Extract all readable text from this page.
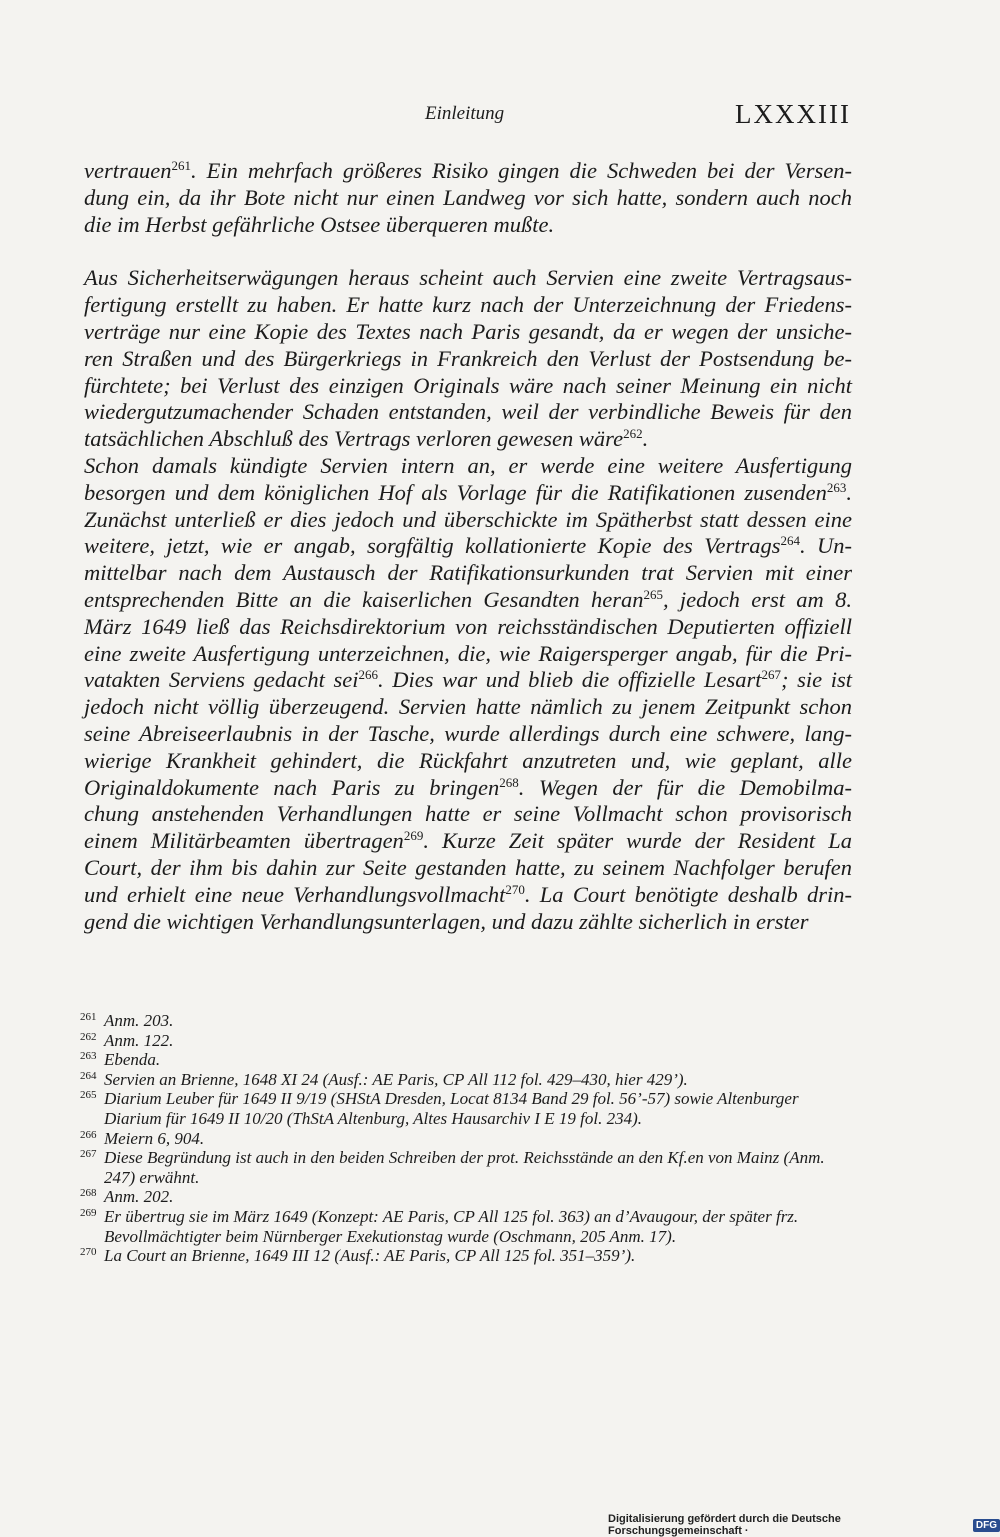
Einleitung	LXXXIII

vertrauen$^{261}$. Ein mehrfach größeres Risiko gingen die Schweden bei der Versen-
dung ein, da ihr Bote nicht nur einen Landweg vor sich hatte, sondern auch noch
die im Herbst gefährliche Ostsee überqueren mußte.

Aus Sicherheitserwägungen heraus scheint auch Servien eine zweite Vertragsaus-
fertigung erstellt zu haben. Er hatte kurz nach der Unterzeichnung der Friedens-
verträge nur eine Kopie des Textes nach Paris gesandt, da er wegen der unsiche-
ren Straßen und des Bürgerkriegs in Frankreich den Verlust der Postsendung be-
fürchtete; bei Verlust des einzigen Originals wäre nach seiner Meinung ein nicht
wiedergutzumachender Schaden entstanden, weil der verbindliche Beweis für den
tatsächlichen Abschluß des Vertrags verloren gewesen wäre$^{262}$.

Schon damals kündigte Servien intern an, er werde eine weitere Ausfertigung
besorgen und dem königlichen Hof als Vorlage für die Ratifikationen zusenden$^{263}$.
Zunächst unterließ er dies jedoch und überschickte im Spätherbst statt dessen eine
weitere, jetzt, wie er angab, sorgfältig kollationierte Kopie des Vertrags$^{264}$. Un-
mittelbar nach dem Austausch der Ratifikationsurkunden trat Servien mit einer
entsprechenden Bitte an die kaiserlichen Gesandten heran$^{265}$, jedoch erst am 8.
März 1649 ließ das Reichsdirektorium von reichsständischen Deputierten offiziell
eine zweite Ausfertigung unterzeichnen, die, wie Raigersperger angab, für die Pri-
vatakten Serviens gedacht sei$^{266}$. Dies war und blieb die offizielle Lesart$^{267}$; sie ist
jedoch nicht völlig überzeugend. Servien hatte nämlich zu jenem Zeitpunkt schon
seine Abreiseerlaubnis in der Tasche, wurde allerdings durch eine schwere, lang-
wierige Krankheit gehindert, die Rückfahrt anzutreten und, wie geplant, alle
Originaldokumente nach Paris zu bringen$^{268}$. Wegen der für die Demobilma-
chung anstehenden Verhandlungen hatte er seine Vollmacht schon provisorisch
einem Militärbeamten übertragen$^{269}$. Kurze Zeit später wurde der Resident La
Court, der ihm bis dahin zur Seite gestanden hatte, zu seinem Nachfolger berufen
und erhielt eine neue Verhandlungsvollmacht$^{270}$. La Court benötigte deshalb drin-
gend die wichtigen Verhandlungsunterlagen, und dazu zählte sicherlich in erster

261 Anm. 203.
262 Anm. 122.
263 Ebenda.
264 Servien an Brienne, 1648 XI 24 (Ausf.: AE Paris, CP All 112 fol. 429–430, hier 429’).
265 Diarium Leuber für 1649 II 9/19 (SHStA Dresden, Locat 8134 Band 29 fol. 56’-57) sowie Altenburger Diarium für 1649 II 10/20 (ThStA Altenburg, Altes Hausarchiv I E 19 fol. 234).
266 Meiern 6, 904.
267 Diese Begründung ist auch in den beiden Schreiben der prot. Reichsstände an den Kf.en von Mainz (Anm. 247) erwähnt.
268 Anm. 202.
269 Er übertrug sie im März 1649 (Konzept: AE Paris, CP All 125 fol. 363) an d’Avaugour, der später frz. Bevollmächtigter beim Nürnberger Exekutionstag wurde (Oschmann, 205 Anm. 17).
270 La Court an Brienne, 1649 III 12 (Ausf.: AE Paris, CP All 125 fol. 351–359’).
Digitalisierung gefördert durch die Deutsche Forschungsgemeinschaft ·	DFG
